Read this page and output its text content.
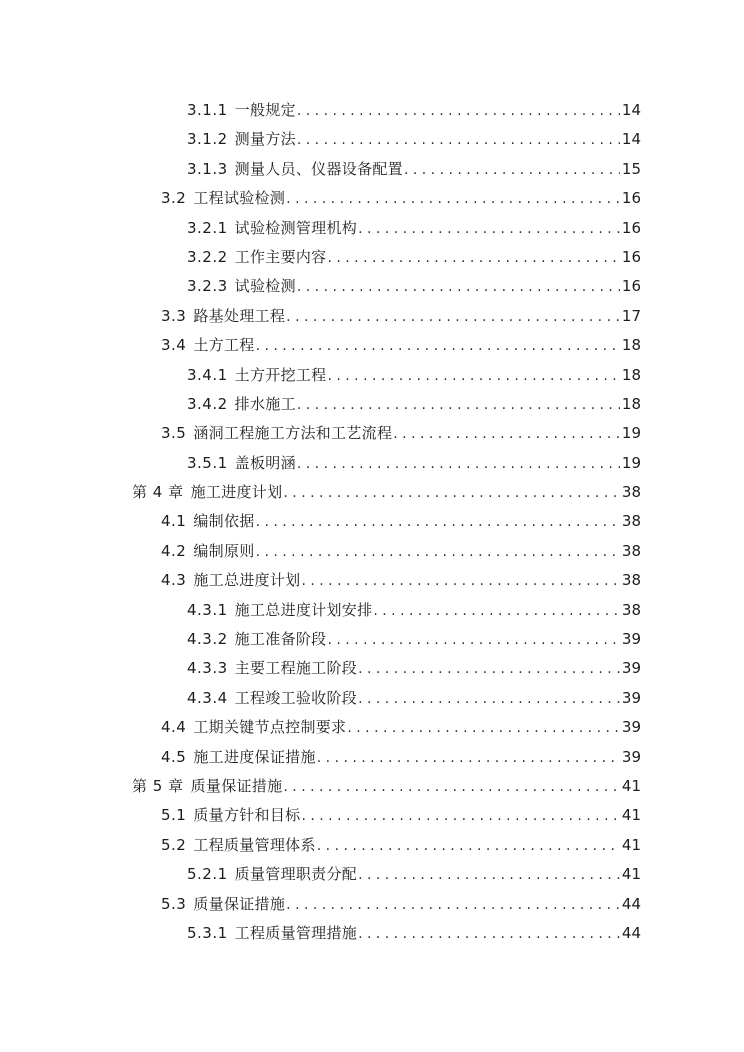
3.1.1 一般规定 . . .	14
3.1.2 测量方法 . . .	14
3.1.3 测量人员、仪器设备配置 . . .	15
3.2 工程试验检测 . . .	16
3.2.1 试验检测管理机构 . . .	16
3.2.2 工作主要内容 . . .	16
3.2.3 试验检测 . . .	16
3.3 路基处理工程 . . .	17
3.4 土方工程 . . .	18
3.4.1 土方开挖工程 . . .	18
3.4.2 排水施工 . . .	18
3.5 涵洞工程施工方法和工艺流程 . . .	19
3.5.1 盖板明涵 . . .	19
第 4 章 施工进度计划 . . .	38
4.1 编制依据 . . .	38
4.2 编制原则 . . .	38
4.3 施工总进度计划 . . .	38
4.3.1 施工总进度计划安排 . . .	38
4.3.2 施工准备阶段 . . .	39
4.3.3 主要工程施工阶段 . . .	39
4.3.4 工程竣工验收阶段 . . .	39
4.4 工期关键节点控制要求 . . .	39
4.5 施工进度保证措施 . . .	39
第 5 章 质量保证措施 . . .	41
5.1 质量方针和目标 . . .	41
5.2 工程质量管理体系 . . .	41
5.2.1 质量管理职责分配 . . .	41
5.3 质量保证措施 . . .	44
5.3.1 工程质量管理措施 . . .	44
